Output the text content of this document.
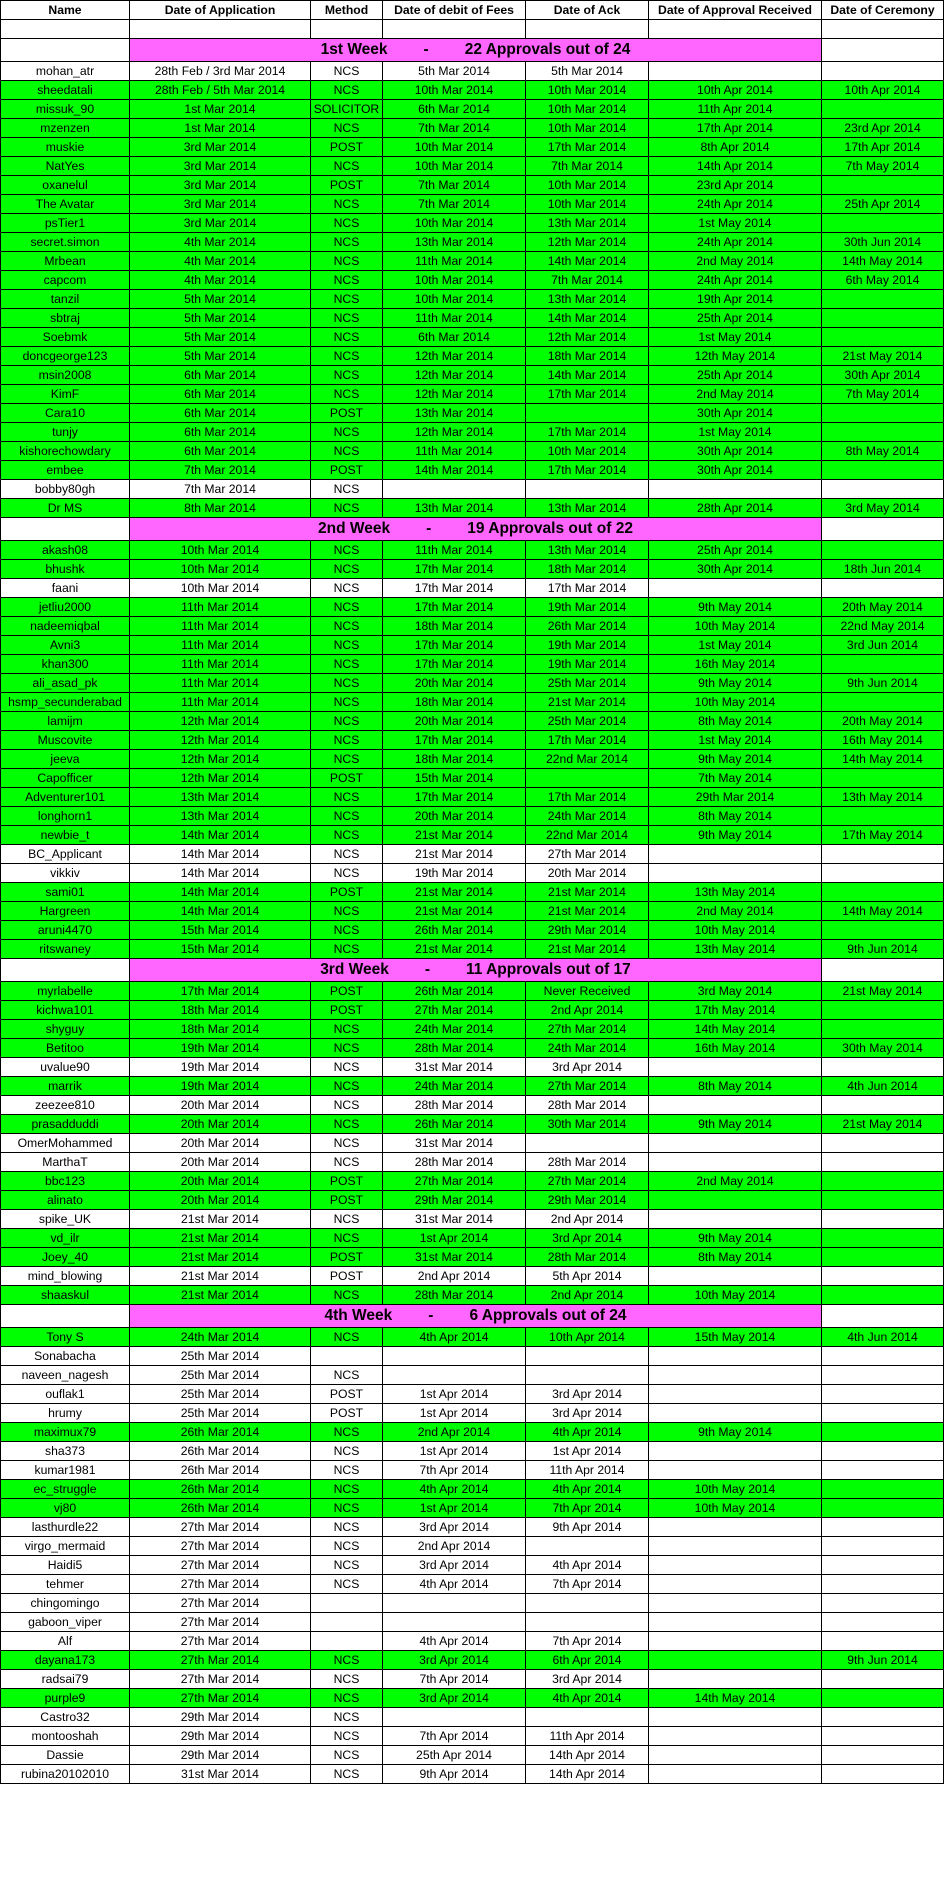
Name	Date of Application	Method	Date of debit of Fees	Date of Ack	Date of Approval Received	Date of Ceremony

	1st Week - 22 Approvals out of 24					
mohan_atr	28th Feb / 3rd Mar 2014	NCS	5th Mar 2014	5th Mar 2014		
sheedatali	28th Feb / 5th Mar 2014	NCS	10th Mar 2014	10th Mar 2014	10th Apr 2014	10th Apr 2014
missuk_90	1st Mar 2014	SOLICITOR	6th Mar 2014	10th Mar 2014	11th Apr 2014	
mzenzen	1st Mar 2014	NCS	7th Mar 2014	10th Mar 2014	17th Apr 2014	23rd Apr 2014
muskie	3rd Mar 2014	POST	10th Mar 2014	17th Mar 2014	8th Apr 2014	17th Apr 2014
NatYes	3rd Mar 2014	NCS	10th Mar 2014	7th Mar 2014	14th Apr 2014	7th May 2014
oxanelul	3rd Mar 2014	POST	7th Mar 2014	10th Mar 2014	23rd Apr 2014	
The Avatar	3rd Mar 2014	NCS	7th Mar 2014	10th Mar 2014	24th Apr 2014	25th Apr 2014
psTier1	3rd Mar 2014	NCS	10th Mar 2014	13th Mar 2014	1st May 2014	
secret.simon	4th Mar 2014	NCS	13th Mar 2014	12th Mar 2014	24th Apr 2014	30th Jun 2014
Mrbean	4th Mar 2014	NCS	11th Mar 2014	14th Mar 2014	2nd May 2014	14th May 2014
capcom	4th Mar 2014	NCS	10th Mar 2014	7th Mar 2014	24th Apr 2014	6th May 2014
tanzil	5th Mar 2014	NCS	10th Mar 2014	13th Mar 2014	19th Apr 2014	
sbtraj	5th Mar 2014	NCS	11th Mar 2014	14th Mar 2014	25th Apr 2014	
Soebmk	5th Mar 2014	NCS	6th Mar 2014	12th Mar 2014	1st May 2014	
doncgeorge123	5th Mar 2014	NCS	12th Mar 2014	18th Mar 2014	12th May 2014	21st May 2014
msin2008	6th Mar 2014	NCS	12th Mar 2014	14th Mar 2014	25th Apr 2014	30th Apr 2014
KimF	6th Mar 2014	NCS	12th Mar 2014	17th Mar 2014	2nd May 2014	7th May 2014
Cara10	6th Mar 2014	POST	13th Mar 2014		30th Apr 2014	
tunjy	6th Mar 2014	NCS	12th Mar 2014	17th Mar 2014	1st May 2014	
kishorechowdary	6th Mar 2014	NCS	11th Mar 2014	10th Mar 2014	30th Apr 2014	8th May 2014
embee	7th Mar 2014	POST	14th Mar 2014	17th Mar 2014	30th Apr 2014	
bobby80gh	7th Mar 2014	NCS				
Dr MS	8th Mar 2014	NCS	13th Mar 2014	13th Mar 2014	28th Apr 2014	3rd May 2014
	2nd Week - 19 Approvals out of 22					
akash08	10th Mar 2014	NCS	11th Mar 2014	13th Mar 2014	25th Apr 2014	
bhushk	10th Mar 2014	NCS	17th Mar 2014	18th Mar 2014	30th Apr 2014	18th Jun 2014
faani	10th Mar 2014	NCS	17th Mar 2014	17th Mar 2014		
jetliu2000	11th Mar 2014	NCS	17th Mar 2014	19th Mar 2014	9th May 2014	20th May 2014
nadeemiqbal	11th Mar 2014	NCS	18th Mar 2014	26th Mar 2014	10th May 2014	22nd May 2014
Avni3	11th Mar 2014	NCS	17th Mar 2014	19th Mar 2014	1st May 2014	3rd Jun 2014
khan300	11th Mar 2014	NCS	17th Mar 2014	19th Mar 2014	16th May 2014	
ali_asad_pk	11th Mar 2014	NCS	20th Mar 2014	25th Mar 2014	9th May 2014	9th Jun 2014
hsmp_secunderabad	11th Mar 2014	NCS	18th Mar 2014	21st Mar 2014	10th May 2014	
lamijm	12th Mar 2014	NCS	20th Mar 2014	25th Mar 2014	8th May 2014	20th May 2014
Muscovite	12th Mar 2014	NCS	17th Mar 2014	17th Mar 2014	1st May 2014	16th May 2014
jeeva	12th Mar 2014	NCS	18th Mar 2014	22nd Mar 2014	9th May 2014	14th May 2014
Capofficer	12th Mar 2014	POST	15th Mar 2014		7th May 2014	
Adventurer101	13th Mar 2014	NCS	17th Mar 2014	17th Mar 2014	29th Mar 2014	13th May 2014
longhorn1	13th Mar 2014	NCS	20th Mar 2014	24th Mar 2014	8th May 2014	
newbie_t	14th Mar 2014	NCS	21st Mar 2014	22nd Mar 2014	9th May 2014	17th May 2014
BC_Applicant	14th Mar 2014	NCS	21st Mar 2014	27th Mar 2014		
vikkiv	14th Mar 2014	NCS	19th Mar 2014	20th Mar 2014		
sami01	14th Mar 2014	POST	21st Mar 2014	21st Mar 2014	13th May 2014	
Hargreen	14th Mar 2014	NCS	21st Mar 2014	21st Mar 2014	2nd May 2014	14th May 2014
aruni4470	15th Mar 2014	NCS	26th Mar 2014	29th Mar 2014	10th May 2014	
ritswaney	15th Mar 2014	NCS	21st Mar 2014	21st Mar 2014	13th May 2014	9th Jun 2014
	3rd Week - 11 Approvals out of 17					
myrlabelle	17th Mar 2014	POST	26th Mar 2014	Never Received	3rd May 2014	21st May 2014
kichwa101	18th Mar 2014	POST	27th Mar 2014	2nd Apr 2014	17th May 2014	
shyguy	18th Mar 2014	NCS	24th Mar 2014	27th Mar 2014	14th May 2014	
Betitoo	19th Mar 2014	NCS	28th Mar 2014	24th Mar 2014	16th May 2014	30th May 2014
uvalue90	19th Mar 2014	NCS	31st Mar 2014	3rd Apr 2014		
marrik	19th Mar 2014	NCS	24th Mar 2014	27th Mar 2014	8th May 2014	4th Jun 2014
zeezee810	20th Mar 2014	NCS	28th Mar 2014	28th Mar 2014		
prasadduddi	20th Mar 2014	NCS	26th Mar 2014	30th Mar 2014	9th May 2014	21st May 2014
OmerMohammed	20th Mar 2014	NCS	31st Mar 2014			
MarthaT	20th Mar 2014	NCS	28th Mar 2014	28th Mar 2014		
bbc123	20th Mar 2014	POST	27th Mar 2014	27th Mar 2014	2nd May 2014	
alinato	20th Mar 2014	POST	29th Mar 2014	29th Mar 2014		
spike_UK	21st Mar 2014	NCS	31st Mar 2014	2nd Apr 2014		
vd_ilr	21st Mar 2014	NCS	1st Apr 2014	3rd Apr 2014	9th May 2014	
Joey_40	21st Mar 2014	POST	31st Mar 2014	28th Mar 2014	8th May 2014	
mind_blowing	21st Mar 2014	POST	2nd Apr 2014	5th Apr 2014		
shaaskul	21st Mar 2014	NCS	28th Mar 2014	2nd Apr 2014	10th May 2014	
	4th Week - 6 Approvals out of 24					
Tony S	24th Mar 2014	NCS	4th Apr 2014	10th Apr 2014	15th May 2014	4th Jun 2014
Sonabacha	25th Mar 2014					
naveen_nagesh	25th Mar 2014	NCS				
ouflak1	25th Mar 2014	POST	1st Apr 2014	3rd Apr 2014		
hrumy	25th Mar 2014	POST	1st Apr 2014	3rd Apr 2014		
maximux79	26th Mar 2014	NCS	2nd Apr 2014	4th Apr 2014	9th May 2014	
sha373	26th Mar 2014	NCS	1st Apr 2014	1st Apr 2014		
kumar1981	26th Mar 2014	NCS	7th Apr 2014	11th Apr 2014		
ec_struggle	26th Mar 2014	NCS	4th Apr 2014	4th Apr 2014	10th May 2014	
vj80	26th Mar 2014	NCS	1st Apr 2014	7th Apr 2014	10th May 2014	
lasthurdle22	27th Mar 2014	NCS	3rd Apr 2014	9th Apr 2014		
virgo_mermaid	27th Mar 2014	NCS	2nd Apr 2014			
Haidi5	27th Mar 2014	NCS	3rd Apr 2014	4th Apr 2014		
tehmer	27th Mar 2014	NCS	4th Apr 2014	7th Apr 2014		
chingomingo	27th Mar 2014					
gaboon_viper	27th Mar 2014					
Alf	27th Mar 2014		4th Apr 2014	7th Apr 2014		
dayana173	27th Mar 2014	NCS	3rd Apr 2014	6th Apr 2014		9th Jun 2014
radsai79	27th Mar 2014	NCS	7th Apr 2014	3rd Apr 2014		
purple9	27th Mar 2014	NCS	3rd Apr 2014	4th Apr 2014	14th May 2014	
Castro32	29th Mar 2014	NCS				
montooshah	29th Mar 2014	NCS	7th Apr 2014	11th Apr 2014		
Dassie	29th Mar 2014	NCS	25th Apr 2014	14th Apr 2014		
rubina20102010	31st Mar 2014	NCS	9th Apr 2014	14th Apr 2014		
